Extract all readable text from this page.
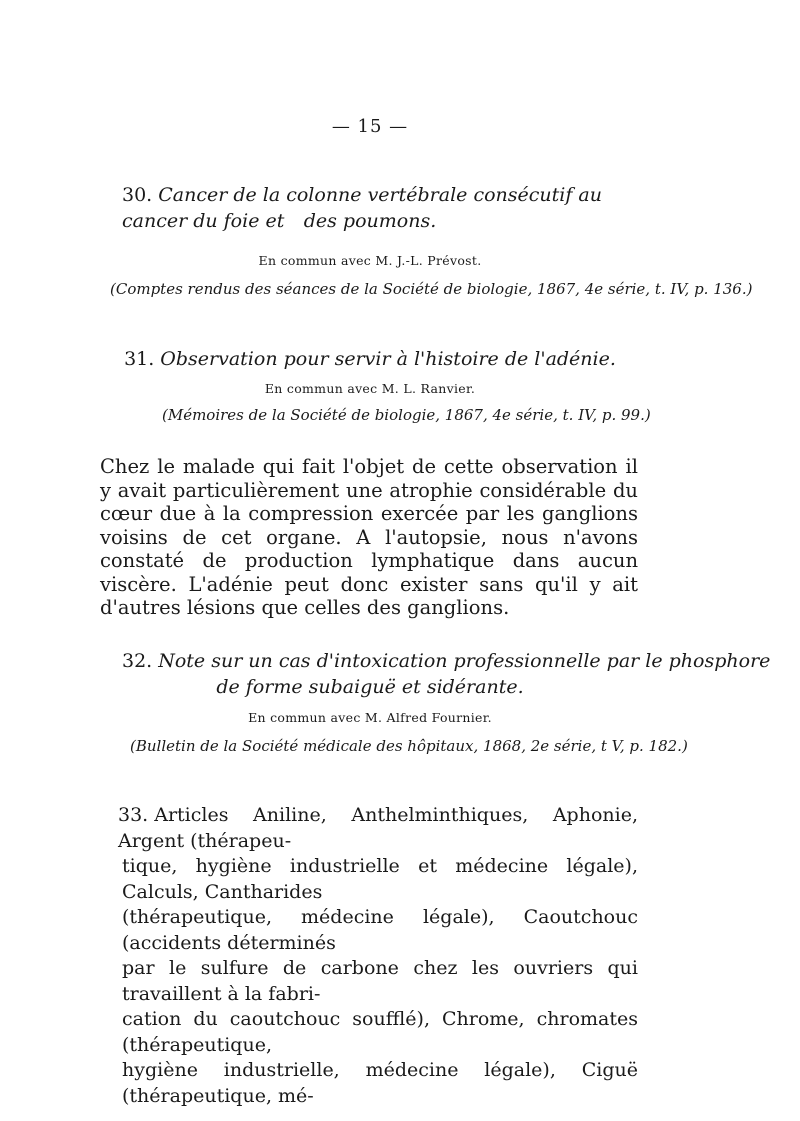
— 15 —
30. Cancer de la colonne vertébrale consécutif au cancer du foie et	des poumons.
En commun avec M. J.-L. Prévost.
(Comptes rendus des séances de la Société de biologie, 1867, 4e série, t. IV, p. 136.)
31. Observation pour servir à l'histoire de l'adénie.
En commun avec M. L. Ranvier.
(Mémoires de la Société de biologie, 1867, 4e série, t. IV, p. 99.)
Chez le malade qui fait l'objet de cette observation il y avait particulièrement une atrophie considérable du cœur due à la compression exercée par les ganglions voisins de cet organe. A l'autopsie, nous n'avons constaté de production lymphatique dans aucun viscère. L'adénie peut donc exister sans qu'il y ait d'autres lésions que celles des ganglions.
32. Note sur un cas d'intoxication professionnelle par le phosphore
de forme subaiguë et sidérante.
En commun avec M. Alfred Fournier.
(Bulletin de la Société médicale des hôpitaux, 1868, 2e série, t V, p. 182.)
33. Articles Aniline, Anthelminthiques, Aphonie, Argent (thérapeu-
tique, hygiène industrielle et médecine légale), Calculs, Cantharides
(thérapeutique, médecine légale), Caoutchouc (accidents déterminés
par le sulfure de carbone chez les ouvriers qui travaillent à la fabri-
cation du caoutchouc soufflé), Chrome, chromates (thérapeutique,
hygiène industrielle, médecine légale), Ciguë (thérapeutique, mé-
